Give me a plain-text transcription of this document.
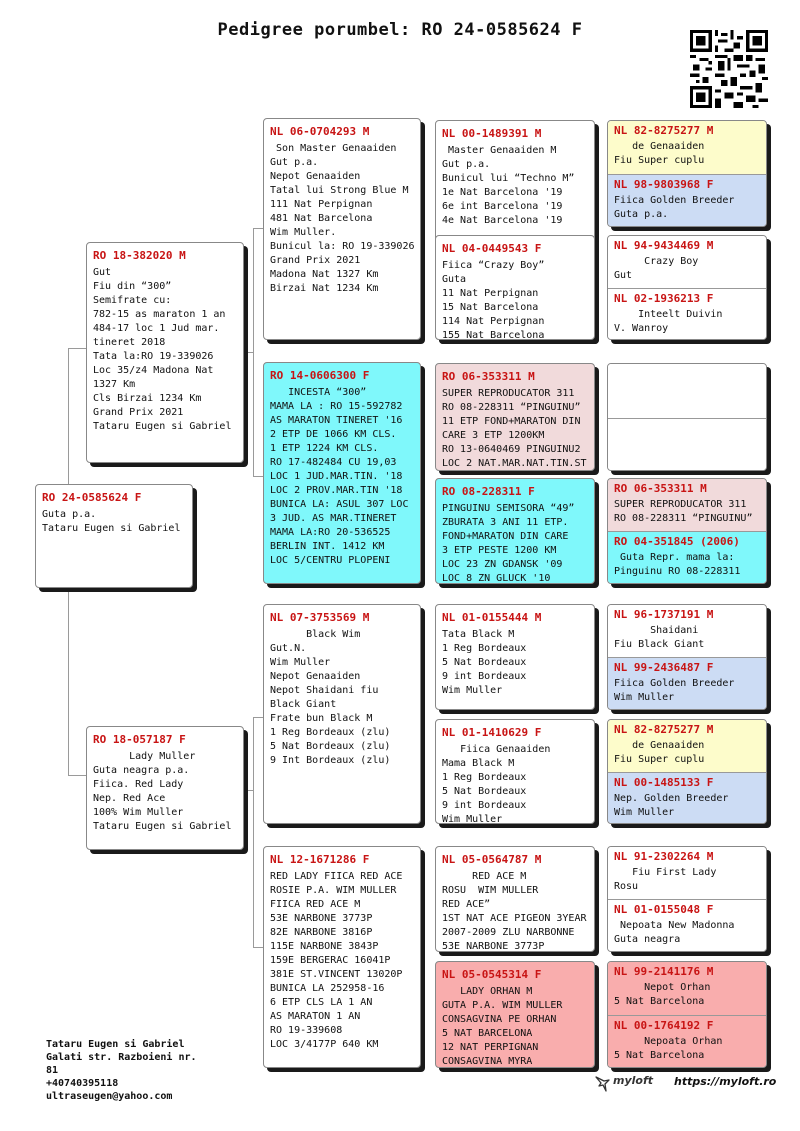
Pedigree porumbel: RO 24-0585624 F
RO 24-0585624 F
Guta p.a.
Tataru Eugen si Gabriel
RO 18-382020 M
Gut
Fiu din “300”
Semifrate cu:
782-15 as maraton 1 an
484-17 loc 1 Jud mar.
tineret 2018
Tata la:RO 19-339026
Loc 35/z4 Madona Nat
1327 Km
Cls Birzai 1234 Km
Grand Prix 2021
Tataru Eugen si Gabriel
RO 18-057187 F
Lady Muller
Guta neagra p.a.
Fiica. Red Lady
Nep. Red Ace
100% Wim Muller
Tataru Eugen si Gabriel
NL 06-0704293 M
Son Master Genaaiden
Gut p.a.
Nepot Genaaiden
Tatal lui Strong Blue M
111 Nat Perpignan
481 Nat Barcelona
Wim Muller.
Bunicul la: RO 19-339026
Grand Prix 2021
Madona Nat 1327 Km
Birzai Nat 1234 Km
RO 14-0606300 F
INCESTA “300”
MAMA LA : RO 15-592782
AS MARATON TINERET '16
2 ETP DE 1066 KM CLS.
1 ETP 1224 KM CLS.
RO 17-482484 CU 19,03
LOC 1 JUD.MAR.TIN. '18
LOC 2 PROV.MAR.TIN '18
BUNICA LA: ASUL 307 LOC
3 JUD. AS MAR.TINERET
MAMA LA:RO 20-536525
BERLIN INT. 1412 KM
LOC 5/CENTRU PLOPENI
NL 07-3753569 M
Black Wim
Gut.N.
Wim Muller
Nepot Genaaiden
Nepot Shaidani fiu
Black Giant
Frate bun Black M
1 Reg Bordeaux (zlu)
5 Nat Bordeaux (zlu)
9 Int Bordeaux (zlu)
NL 12-1671286 F
RED LADY FIICA RED ACE
ROSIE P.A. WIM MULLER
FIICA RED ACE M
53E NARBONE 3773P
82E NARBONE 3816P
115E NARBONE 3843P
159E BERGERAC 16041P
381E ST.VINCENT 13020P
BUNICA LA 252958-16
6 ETP CLS LA 1 AN
AS MARATON 1 AN
RO 19-339608
LOC 3/4177P 640 KM
NL 00-1489391 M
Master Genaaiden M
Gut p.a.
Bunicul lui “Techno M”
1e Nat Barcelona '19
6e int Barcelona '19
4e Nat Barcelona '19
NL 04-0449543 F
Fiica “Crazy Boy”
Guta
11 Nat Perpignan
15 Nat Barcelona
114 Nat Perpignan
155 Nat Barcelona
RO 06-353311 M
SUPER REPRODUCATOR 311
RO 08-228311 “PINGUINU”
11 ETP FOND+MARATON DIN
CARE 3 ETP 1200KM
RO 13-0640469 PINGUINU2
LOC 2 NAT.MAR.NAT.TIN.ST
RO 08-228311 F
PINGUINU SEMISORA “49”
ZBURATA 3 ANI 11 ETP.
FOND+MARATON DIN CARE
3 ETP PESTE 1200 KM
LOC 23 ZN GDANSK '09
LOC 8 ZN GLUCK '10
NL 01-0155444 M
Tata Black M
1 Reg Bordeaux
5 Nat Bordeaux
9 int Bordeaux
Wim Muller
NL 01-1410629 F
Fiica Genaaiden
Mama Black M
1 Reg Bordeaux
5 Nat Bordeaux
9 int Bordeaux
Wim Muller
NL 05-0564787 M
RED ACE M
ROSU  WIM MULLER
RED ACE”
1ST NAT ACE PIGEON 3YEAR
2007-2009 ZLU NARBONNE
53E NARBONE 3773P
NL 05-0545314 F
LADY ORHAN M
GUTA P.A. WIM MULLER
CONSAGVINA PE ORHAN
5 NAT BARCELONA
12 NAT PERPIGNAN
CONSAGVINA MYRA
NL 82-8275277 M
de Genaaiden
Fiu Super cuplu
NL 98-9803968 F
Fiica Golden Breeder
Guta p.a.
NL 94-9434469 M
Crazy Boy
Gut
NL 02-1936213 F
Inteelt Duivin
V. Wanroy
RO 06-353311 M
SUPER REPRODUCATOR 311
RO 08-228311 “PINGUINU”
RO 04-351845 (2006)
Guta Repr. mama la:
Pinguinu RO 08-228311
NL 96-1737191 M
Shaidani
Fiu Black Giant
NL 99-2436487 F
Fiica Golden Breeder
Wim Muller
NL 82-8275277 M
de Genaaiden
Fiu Super cuplu
NL 00-1485133 F
Nep. Golden Breeder
Wim Muller
NL 91-2302264 M
Fiu First Lady
Rosu
NL 01-0155048 F
Nepoata New Madonna
Guta neagra
NL 99-2141176 M
Nepot Orhan
5 Nat Barcelona
NL 00-1764192 F
Nepoata Orhan
5 Nat Barcelona
Tataru Eugen si Gabriel
Galati str. Razboieni nr.
81
+40740395118
ultraseugen@yahoo.com
myloft https://myloft.ro
